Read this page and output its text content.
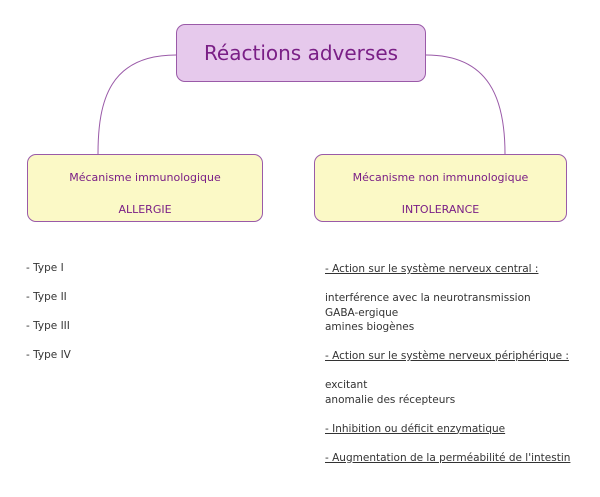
Réactions adverses
Mécanisme immunologique
ALLERGIE
Mécanisme non immunologique
INTOLERANCE
- Type I
- Type II
- Type III
- Type IV
- Action sur le système nerveux central :
interférence avec la neurotransmission
GABA-ergique
amines biogènes
- Action sur le système nerveux périphérique :
excitant
anomalie des récepteurs
- Inhibition ou déficit enzymatique
- Augmentation de la perméabilité de l'intestin
